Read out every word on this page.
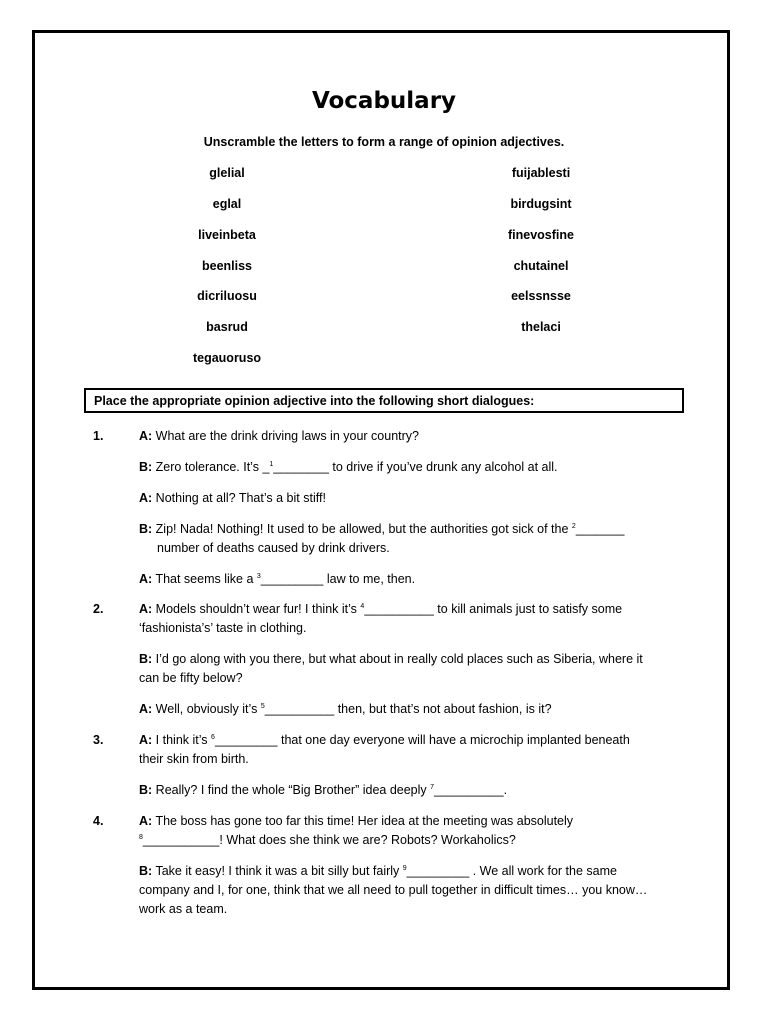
Vocabulary
Unscramble the letters to form a range of opinion adjectives.
glelial
eglal
liveinbeta
beenliss
dicriluosu
basrud
tegauoruso
fuijablesti
birdugsint
finevosfine
chutainel
eelssnsse
thelaci
Place the appropriate opinion adjective into the following short dialogues:
1.	A: What are the drink driving laws in your country?
B: Zero tolerance. It’s _$^1$________ to drive if you’ve drunk any alcohol at all.
A: Nothing at all? That’s a bit stiff!
B: Zip! Nada! Nothing! It used to be allowed, but the authorities got sick of the $^2$_______
number of deaths caused by drink drivers.
A: That seems like a $^3$_________ law to me, then.
2.	A: Models shouldn’t wear fur! I think it’s $^4$__________ to kill animals just to satisfy some
‘fashionista’s’ taste in clothing.
B: I’d go along with you there, but what about in really cold places such as Siberia, where it
can be fifty below?
A: Well, obviously it’s $^5$__________ then, but that’s not about fashion, is it?
3.	A: I think it’s $^6$_________ that one day everyone will have a microchip implanted beneath
their skin from birth.
B: Really? I find the whole “Big Brother” idea deeply $^7$__________.
4.	A: The boss has gone too far this time! Her idea at the meeting was absolutely
$^8$___________! What does she think we are? Robots? Workaholics?
B: Take it easy! I think it was a bit silly but fairly $^9$_________ . We all work for the same
company and I, for one, think that we all need to pull together in difficult times… you know…
work as a team.
